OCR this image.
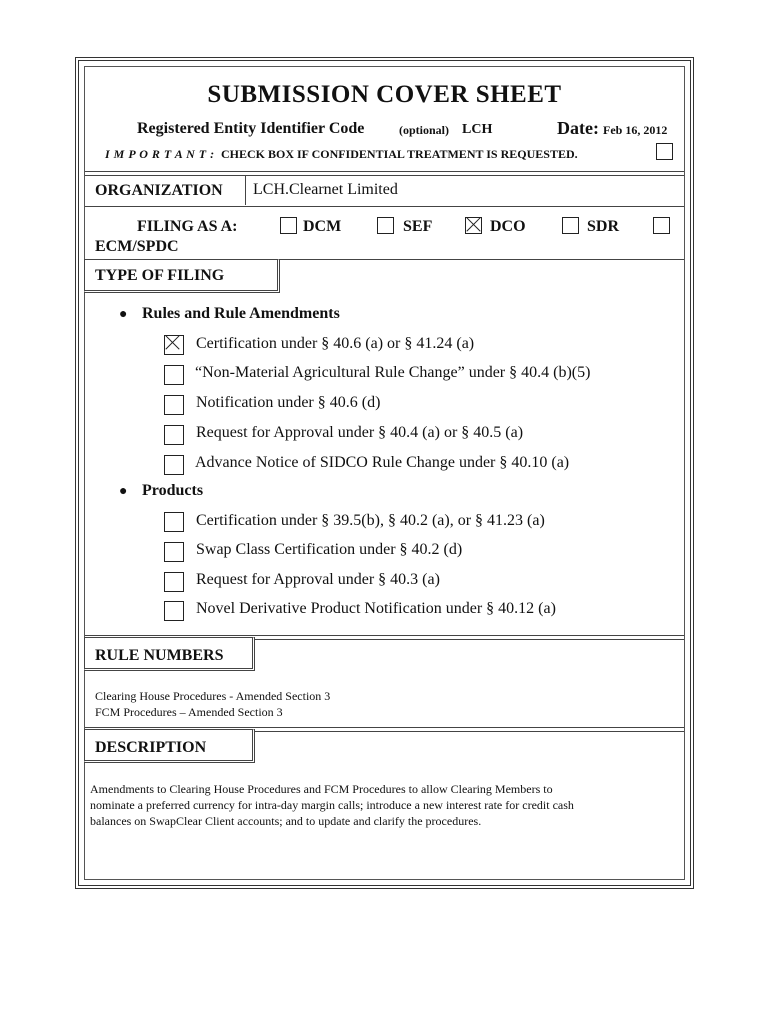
SUBMISSION COVER SHEET
Registered Entity Identifier Code	(optional) LCH	Date: Feb 16, 2012
I M P O R T A N T : CHECK BOX IF CONFIDENTIAL TREATMENT IS REQUESTED.
ORGANIZATION LCH.Clearnet Limited
FILING AS A:	DCM	SEF	DCO	SDR
ECM/SPDC
TYPE OF FILING
● Rules and Rule Amendments
Certification under § 40.6 (a) or § 41.24 (a)
“Non-Material Agricultural Rule Change” under § 40.4 (b)(5)
Notification under § 40.6 (d)
Request for Approval under § 40.4 (a) or § 40.5 (a)
Advance Notice of SIDCO Rule Change under § 40.10 (a)
● Products
Certification under § 39.5(b), § 40.2 (a), or § 41.23 (a)
Swap Class Certification under § 40.2 (d)
Request for Approval under § 40.3 (a)
Novel Derivative Product Notification under § 40.12 (a)
RULE NUMBERS
Clearing House Procedures - Amended Section 3
FCM Procedures – Amended Section 3
DESCRIPTION
Amendments to Clearing House Procedures and FCM Procedures to allow Clearing Members to
nominate a preferred currency for intra-day margin calls; introduce a new interest rate for credit cash
balances on SwapClear Client accounts; and to update and clarify the procedures.
